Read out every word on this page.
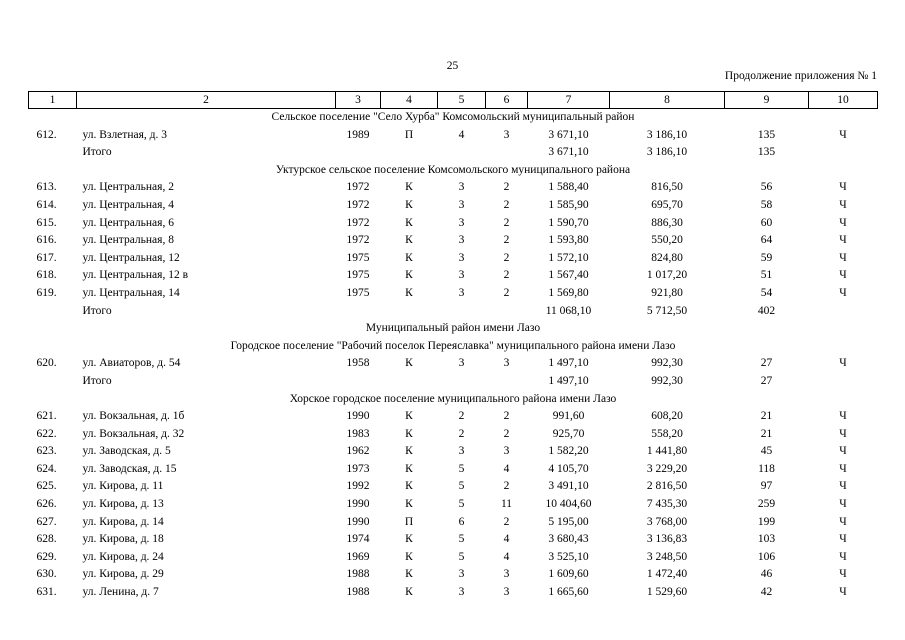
25
Продолжение приложения № 1
1	2	3	4	5	6	7	8	9	10
Сельское поселение "Село Хурба" Комсомольский муниципальный район									
612.	ул. Взлетная, д. 3	1989	П	4	3	3 671,10	3 186,10	135	Ч
	Итого					3 671,10	3 186,10	135	
Уктурское сельское поселение Комсомольского муниципального района									
613.	ул. Центральная, 2	1972	К	3	2	1 588,40	816,50	56	Ч
614.	ул. Центральная, 4	1972	К	3	2	1 585,90	695,70	58	Ч
615.	ул. Центральная, 6	1972	К	3	2	1 590,70	886,30	60	Ч
616.	ул. Центральная, 8	1972	К	3	2	1 593,80	550,20	64	Ч
617.	ул. Центральная, 12	1975	К	3	2	1 572,10	824,80	59	Ч
618.	ул. Центральная, 12 в	1975	К	3	2	1 567,40	1 017,20	51	Ч
619.	ул. Центральная, 14	1975	К	3	2	1 569,80	921,80	54	Ч
	Итого					11 068,10	5 712,50	402	
Муниципальный район имени Лазо									
Городское поселение "Рабочий поселок Переяславка" муниципального района имени Лазо									
620.	ул. Авиаторов, д. 54	1958	К	3	3	1 497,10	992,30	27	Ч
	Итого					1 497,10	992,30	27	
Хорское городское поселение муниципального района имени Лазо									
621.	ул. Вокзальная, д. 1б	1990	К	2	2	991,60	608,20	21	Ч
622.	ул. Вокзальная, д. 32	1983	К	2	2	925,70	558,20	21	Ч
623.	ул. Заводская, д. 5	1962	К	3	3	1 582,20	1 441,80	45	Ч
624.	ул. Заводская, д. 15	1973	К	5	4	4 105,70	3 229,20	118	Ч
625.	ул. Кирова, д. 11	1992	К	5	2	3 491,10	2 816,50	97	Ч
626.	ул. Кирова, д. 13	1990	К	5	11	10 404,60	7 435,30	259	Ч
627.	ул. Кирова, д. 14	1990	П	6	2	5 195,00	3 768,00	199	Ч
628.	ул. Кирова, д. 18	1974	К	5	4	3 680,43	3 136,83	103	Ч
629.	ул. Кирова, д. 24	1969	К	5	4	3 525,10	3 248,50	106	Ч
630.	ул. Кирова, д. 29	1988	К	3	3	1 609,60	1 472,40	46	Ч
631.	ул. Ленина, д. 7	1988	К	3	3	1 665,60	1 529,60	42	Ч
